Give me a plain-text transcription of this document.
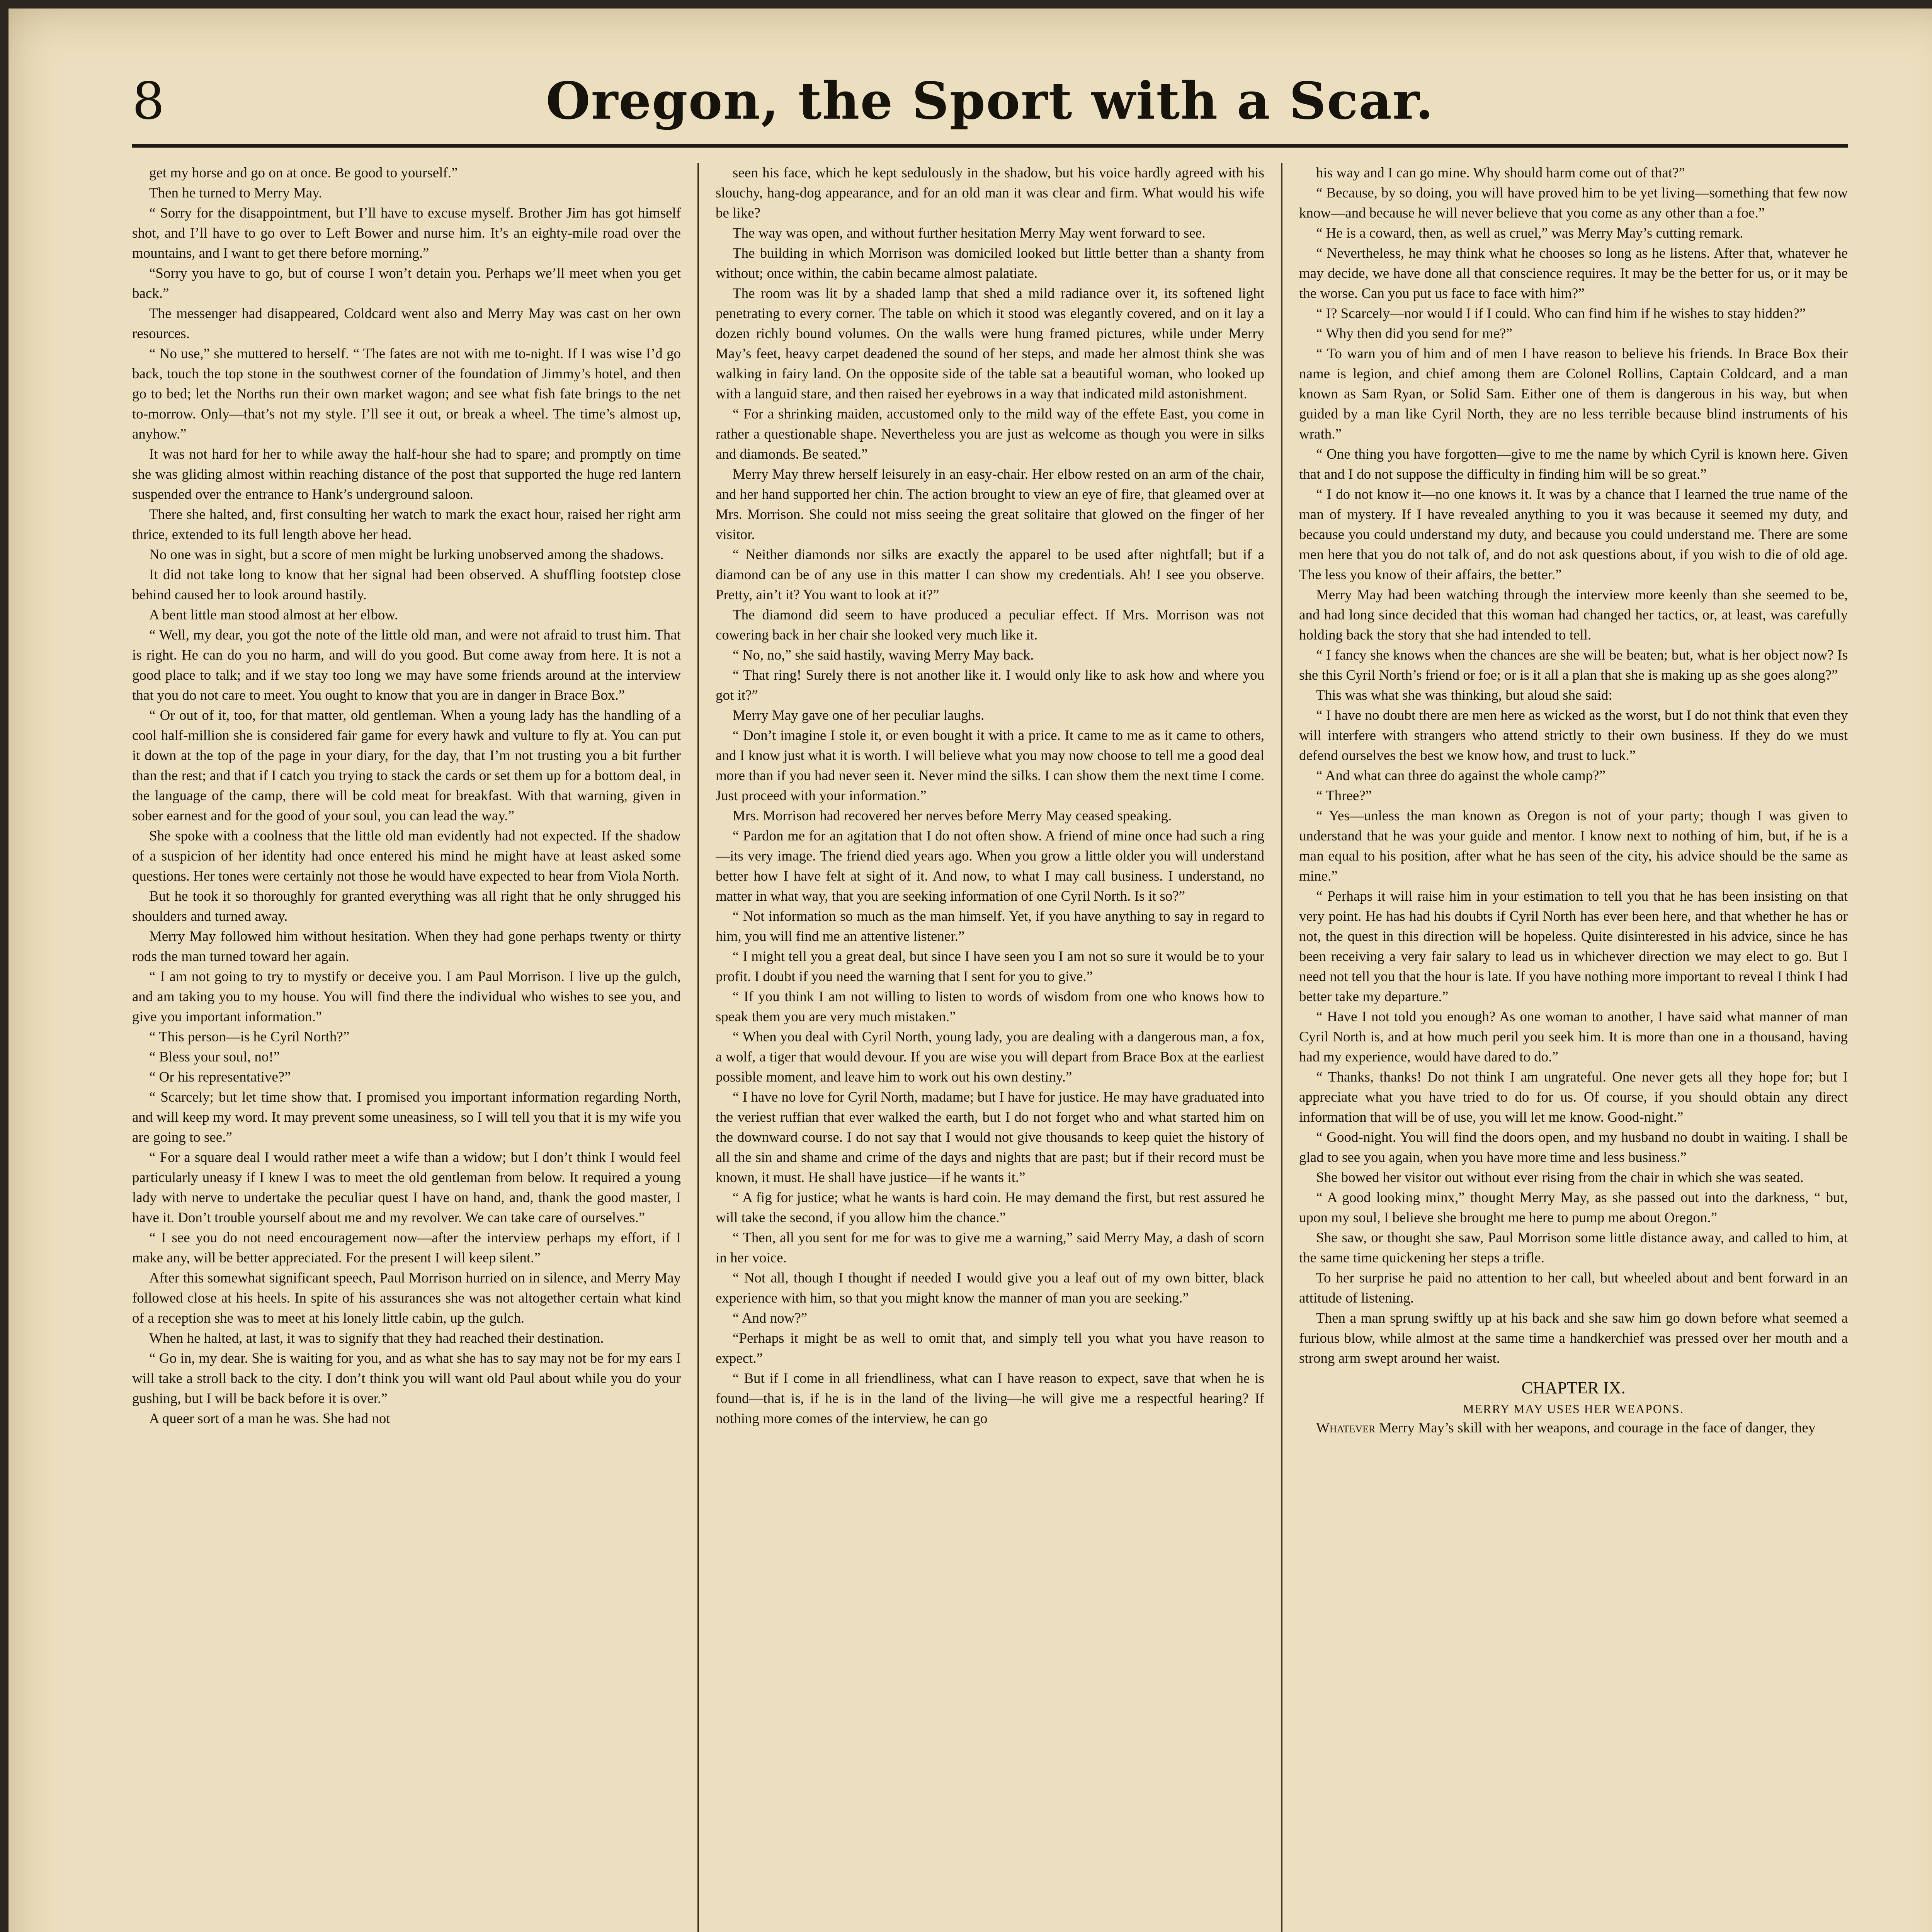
8	Oregon, the Sport with a Scar.

get my horse and go on at once. Be good to yourself.”

Then he turned to Merry May.

“ Sorry for the disappointment, but I’ll have to excuse myself. Brother Jim has got himself shot, and I’ll have to go over to Left Bower and nurse him. It’s an eighty-mile road over the mountains, and I want to get there before morning.”

“Sorry you have to go, but of course I won’t detain you. Perhaps we’ll meet when you get back.”

The messenger had disappeared, Coldcard went also and Merry May was cast on her own resources.

“ No use,” she muttered to herself. “ The fates are not with me to-night. If I was wise I’d go back, touch the top stone in the southwest corner of the foundation of Jimmy’s hotel, and then go to bed; let the Norths run their own market wagon; and see what fish fate brings to the net to-morrow. Only—that’s not my style. I’ll see it out, or break a wheel. The time’s almost up, anyhow.”

It was not hard for her to while away the half-hour she had to spare; and promptly on time she was gliding almost within reaching distance of the post that supported the huge red lantern suspended over the entrance to Hank’s underground saloon.

There she halted, and, first consulting her watch to mark the exact hour, raised her right arm thrice, extended to its full length above her head.

No one was in sight, but a score of men might be lurking unobserved among the shadows.

It did not take long to know that her signal had been observed. A shuffling footstep close behind caused her to look around hastily.

A bent little man stood almost at her elbow.

“ Well, my dear, you got the note of the little old man, and were not afraid to trust him. That is right. He can do you no harm, and will do you good. But come away from here. It is not a good place to talk; and if we stay too long we may have some friends around at the interview that you do not care to meet. You ought to know that you are in danger in Brace Box.”

“ Or out of it, too, for that matter, old gentleman. When a young lady has the handling of a cool half-million she is considered fair game for every hawk and vulture to fly at. You can put it down at the top of the page in your diary, for the day, that I’m not trusting you a bit further than the rest; and that if I catch you trying to stack the cards or set them up for a bottom deal, in the language of the camp, there will be cold meat for breakfast. With that warning, given in sober earnest and for the good of your soul, you can lead the way.”

She spoke with a coolness that the little old man evidently had not expected. If the shadow of a suspicion of her identity had once entered his mind he might have at least asked some questions. Her tones were certainly not those he would have expected to hear from Viola North.

But he took it so thoroughly for granted everything was all right that he only shrugged his shoulders and turned away.

Merry May followed him without hesitation. When they had gone perhaps twenty or thirty rods the man turned toward her again.

“ I am not going to try to mystify or deceive you. I am Paul Morrison. I live up the gulch, and am taking you to my house. You will find there the individual who wishes to see you, and give you important information.”

“ This person—is he Cyril North?”

“ Bless your soul, no!”

“ Or his representative?”

“ Scarcely; but let time show that. I promised you important information regarding North, and will keep my word. It may prevent some uneasiness, so I will tell you that it is my wife you are going to see.”

“ For a square deal I would rather meet a wife than a widow; but I don’t think I would feel particularly uneasy if I knew I was to meet the old gentleman from below. It required a young lady with nerve to undertake the peculiar quest I have on hand, and, thank the good master, I have it. Don’t trouble yourself about me and my revolver. We can take care of ourselves.”

“ I see you do not need encouragement now—after the interview perhaps my effort, if I make any, will be better appreciated. For the present I will keep silent.”

After this somewhat significant speech, Paul Morrison hurried on in silence, and Merry May followed close at his heels. In spite of his assurances she was not altogether certain what kind of a reception she was to meet at his lonely little cabin, up the gulch.

When he halted, at last, it was to signify that they had reached their destination.

“ Go in, my dear. She is waiting for you, and as what she has to say may not be for my ears I will take a stroll back to the city. I don’t think you will want old Paul about while you do your gushing, but I will be back before it is over.”

A queer sort of a man he was. She had not

seen his face, which he kept sedulously in the shadow, but his voice hardly agreed with his slouchy, hang-dog appearance, and for an old man it was clear and firm. What would his wife be like?

The way was open, and without further hesitation Merry May went forward to see.

The building in which Morrison was domiciled looked but little better than a shanty from without; once within, the cabin became almost palatiate.

The room was lit by a shaded lamp that shed a mild radiance over it, its softened light penetrating to every corner. The table on which it stood was elegantly covered, and on it lay a dozen richly bound volumes. On the walls were hung framed pictures, while under Merry May’s feet, heavy carpet deadened the sound of her steps, and made her almost think she was walking in fairy land. On the opposite side of the table sat a beautiful woman, who looked up with a languid stare, and then raised her eyebrows in a way that indicated mild astonishment.

“ For a shrinking maiden, accustomed only to the mild way of the effete East, you come in rather a questionable shape. Nevertheless you are just as welcome as though you were in silks and diamonds. Be seated.”

Merry May threw herself leisurely in an easy-chair. Her elbow rested on an arm of the chair, and her hand supported her chin. The action brought to view an eye of fire, that gleamed over at Mrs. Morrison. She could not miss seeing the great solitaire that glowed on the finger of her visitor.

“ Neither diamonds nor silks are exactly the apparel to be used after nightfall; but if a diamond can be of any use in this matter I can show my credentials. Ah! I see you observe. Pretty, ain’t it? You want to look at it?”

The diamond did seem to have produced a peculiar effect. If Mrs. Morrison was not cowering back in her chair she looked very much like it.

“ No, no,” she said hastily, waving Merry May back.

“ That ring! Surely there is not another like it. I would only like to ask how and where you got it?”

Merry May gave one of her peculiar laughs.

“ Don’t imagine I stole it, or even bought it with a price. It came to me as it came to others, and I know just what it is worth. I will believe what you may now choose to tell me a good deal more than if you had never seen it. Never mind the silks. I can show them the next time I come. Just proceed with your information.”

Mrs. Morrison had recovered her nerves before Merry May ceased speaking.

“ Pardon me for an agitation that I do not often show. A friend of mine once had such a ring—its very image. The friend died years ago. When you grow a little older you will understand better how I have felt at sight of it. And now, to what I may call business. I understand, no matter in what way, that you are seeking information of one Cyril North. Is it so?”

“ Not information so much as the man himself. Yet, if you have anything to say in regard to him, you will find me an attentive listener.”

“ I might tell you a great deal, but since I have seen you I am not so sure it would be to your profit. I doubt if you need the warning that I sent for you to give.”

“ If you think I am not willing to listen to words of wisdom from one who knows how to speak them you are very much mistaken.”

“ When you deal with Cyril North, young lady, you are dealing with a dangerous man, a fox, a wolf, a tiger that would devour. If you are wise you will depart from Brace Box at the earliest possible moment, and leave him to work out his own destiny.”

“ I have no love for Cyril North, madame; but I have for justice. He may have graduated into the veriest ruffian that ever walked the earth, but I do not forget who and what started him on the downward course. I do not say that I would not give thousands to keep quiet the history of all the sin and shame and crime of the days and nights that are past; but if their record must be known, it must. He shall have justice—if he wants it.”

“ A fig for justice; what he wants is hard coin. He may demand the first, but rest assured he will take the second, if you allow him the chance.”

“ Then, all you sent for me for was to give me a warning,” said Merry May, a dash of scorn in her voice.

“ Not all, though I thought if needed I would give you a leaf out of my own bitter, black experience with him, so that you might know the manner of man you are seeking.”

“ And now?”

“Perhaps it might be as well to omit that, and simply tell you what you have reason to expect.”

“ But if I come in all friendliness, what can I have reason to expect, save that when he is found—that is, if he is in the land of the living—he will give me a respectful hearing? If nothing more comes of the interview, he can go

his way and I can go mine. Why should harm come out of that?”

“ Because, by so doing, you will have proved him to be yet living—something that few now know—and because he will never believe that you come as any other than a foe.”

“ He is a coward, then, as well as cruel,” was Merry May’s cutting remark.

“ Nevertheless, he may think what he chooses so long as he listens. After that, whatever he may decide, we have done all that conscience requires. It may be the better for us, or it may be the worse. Can you put us face to face with him?”

“ I? Scarcely—nor would I if I could. Who can find him if he wishes to stay hidden?”

“ Why then did you send for me?”

“ To warn you of him and of men I have reason to believe his friends. In Brace Box their name is legion, and chief among them are Colonel Rollins, Captain Coldcard, and a man known as Sam Ryan, or Solid Sam. Either one of them is dangerous in his way, but when guided by a man like Cyril North, they are no less terrible because blind instruments of his wrath.”

“ One thing you have forgotten—give to me the name by which Cyril is known here. Given that and I do not suppose the difficulty in finding him will be so great.”

“ I do not know it—no one knows it. It was by a chance that I learned the true name of the man of mystery. If I have revealed anything to you it was because it seemed my duty, and because you could understand my duty, and because you could understand me. There are some men here that you do not talk of, and do not ask questions about, if you wish to die of old age. The less you know of their affairs, the better.”

Merry May had been watching through the interview more keenly than she seemed to be, and had long since decided that this woman had changed her tactics, or, at least, was carefully holding back the story that she had intended to tell.

“ I fancy she knows when the chances are she will be beaten; but, what is her object now? Is she this Cyril North’s friend or foe; or is it all a plan that she is making up as she goes along?”

This was what she was thinking, but aloud she said:

“ I have no doubt there are men here as wicked as the worst, but I do not think that even they will interfere with strangers who attend strictly to their own business. If they do we must defend ourselves the best we know how, and trust to luck.”

“ And what can three do against the whole camp?”

“ Three?”

“ Yes—unless the man known as Oregon is not of your party; though I was given to understand that he was your guide and mentor. I know next to nothing of him, but, if he is a man equal to his position, after what he has seen of the city, his advice should be the same as mine.”

“ Perhaps it will raise him in your estimation to tell you that he has been insisting on that very point. He has had his doubts if Cyril North has ever been here, and that whether he has or not, the quest in this direction will be hopeless. Quite disinterested in his advice, since he has been receiving a very fair salary to lead us in whichever direction we may elect to go. But I need not tell you that the hour is late. If you have nothing more important to reveal I think I had better take my departure.”

“ Have I not told you enough? As one woman to another, I have said what manner of man Cyril North is, and at how much peril you seek him. It is more than one in a thousand, having had my experience, would have dared to do.”

“ Thanks, thanks! Do not think I am ungrateful. One never gets all they hope for; but I appreciate what you have tried to do for us. Of course, if you should obtain any direct information that will be of use, you will let me know. Good-night.”

“ Good-night. You will find the doors open, and my husband no doubt in waiting. I shall be glad to see you again, when you have more time and less business.”

She bowed her visitor out without ever rising from the chair in which she was seated.

“ A good looking minx,” thought Merry May, as she passed out into the darkness, “ but, upon my soul, I believe she brought me here to pump me about Oregon.”

She saw, or thought she saw, Paul Morrison some little distance away, and called to him, at the same time quickening her steps a trifle.

To her surprise he paid no attention to her call, but wheeled about and bent forward in an attitude of listening.

Then a man sprung swiftly up at his back and she saw him go down before what seemed a furious blow, while almost at the same time a handkerchief was pressed over her mouth and a strong arm swept around her waist.

CHAPTER IX.
MERRY MAY USES HER WEAPONS.

Whatever Merry May’s skill with her weapons, and courage in the face of danger, they
